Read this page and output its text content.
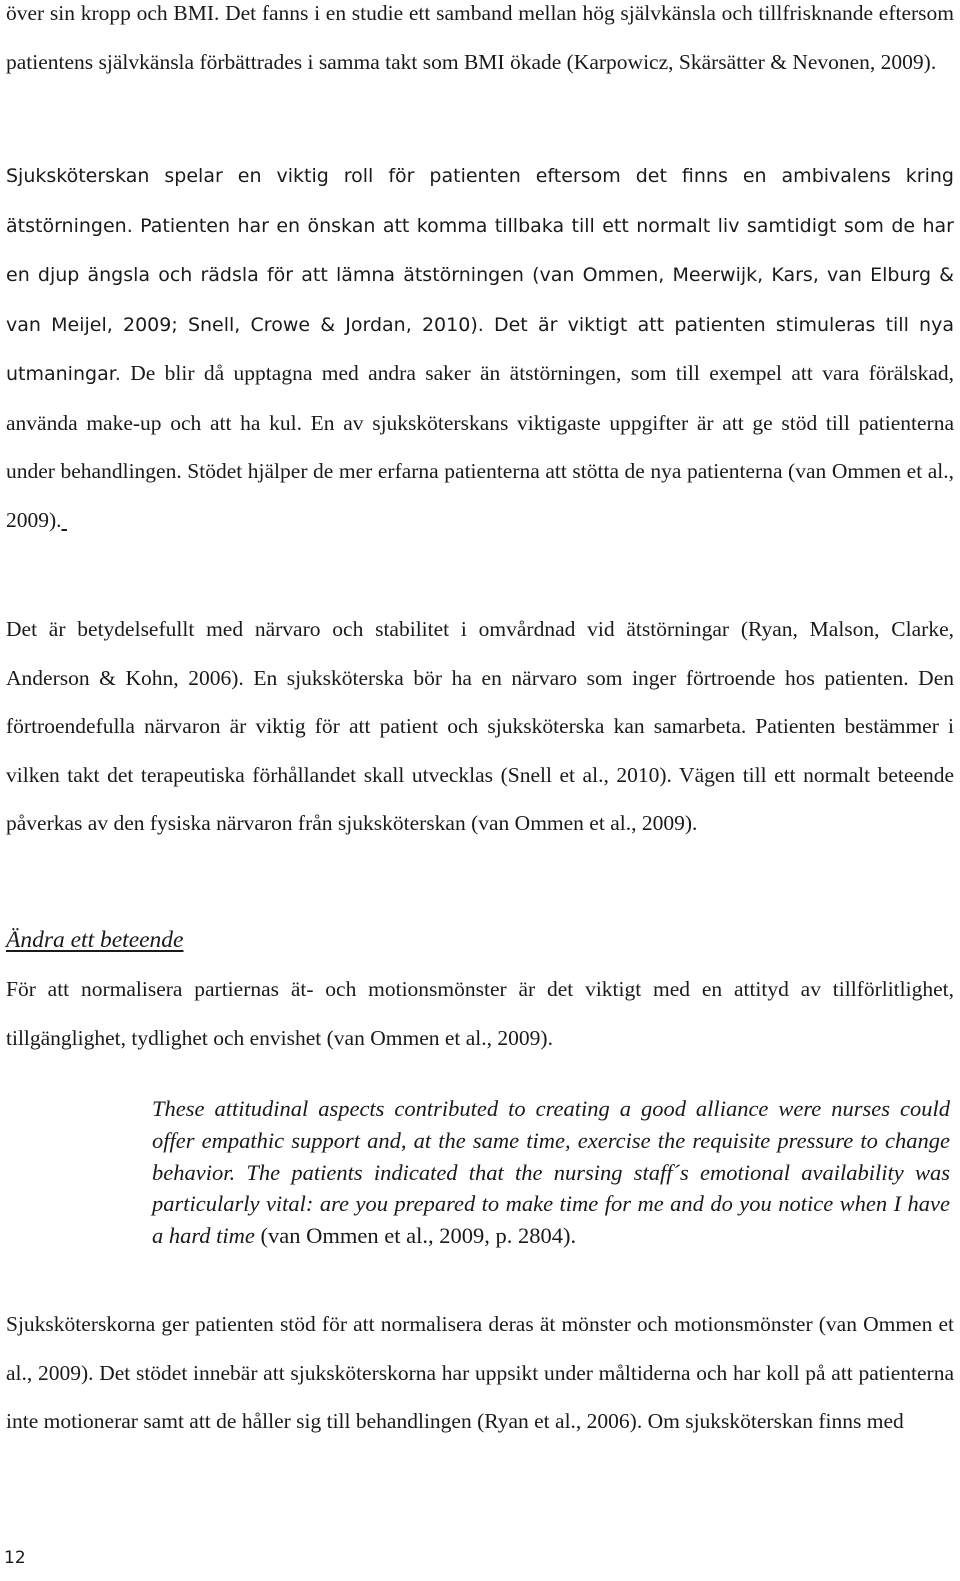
över sin kropp och BMI. Det fanns i en studie ett samband mellan hög självkänsla och tillfrisknande eftersom patientens självkänsla förbättrades i samma takt som BMI ökade (Karpowicz, Skärsätter & Nevonen, 2009).

Sjuksköterskan spelar en viktig roll för patienten eftersom det finns en ambivalens kring ätstörningen. Patienten har en önskan att komma tillbaka till ett normalt liv samtidigt som de har en djup ängsla och rädsla för att lämna ätstörningen (van Ommen, Meerwijk, Kars, van Elburg & van Meijel, 2009; Snell, Crowe & Jordan, 2010). Det är viktigt att patienten stimuleras till nya utmaningar. De blir då upptagna med andra saker än ätstörningen, som till exempel att vara förälskad, använda make-up och att ha kul. En av sjuksköterskans viktigaste uppgifter är att ge stöd till patienterna under behandlingen. Stödet hjälper de mer erfarna patienterna att stötta de nya patienterna (van Ommen et al., 2009).

Det är betydelsefullt med närvaro och stabilitet i omvårdnad vid ätstörningar (Ryan, Malson, Clarke, Anderson & Kohn, 2006). En sjuksköterska bör ha en närvaro som inger förtroende hos patienten. Den förtroendefulla närvaron är viktig för att patient och sjuksköterska kan samarbeta. Patienten bestämmer i vilken takt det terapeutiska förhållandet skall utvecklas (Snell et al., 2010). Vägen till ett normalt beteende påverkas av den fysiska närvaron från sjuksköterskan (van Ommen et al., 2009).

Ändra ett beteende

För att normalisera partiernas ät- och motionsmönster är det viktigt med en attityd av tillförlitlighet, tillgänglighet, tydlighet och envishet (van Ommen et al., 2009).

These attitudinal aspects contributed to creating a good alliance were nurses could offer empathic support and, at the same time, exercise the requisite pressure to change behavior. The patients indicated that the nursing staff´s emotional availability was particularly vital: are you prepared to make time for me and do you notice when I have a hard time (van Ommen et al., 2009, p. 2804).

Sjuksköterskorna ger patienten stöd för att normalisera deras ät mönster och motionsmönster (van Ommen et al., 2009). Det stödet innebär att sjuksköterskorna har uppsikt under måltiderna och har koll på att patienterna inte motionerar samt att de håller sig till behandlingen (Ryan et al., 2006). Om sjuksköterskan finns med

12
